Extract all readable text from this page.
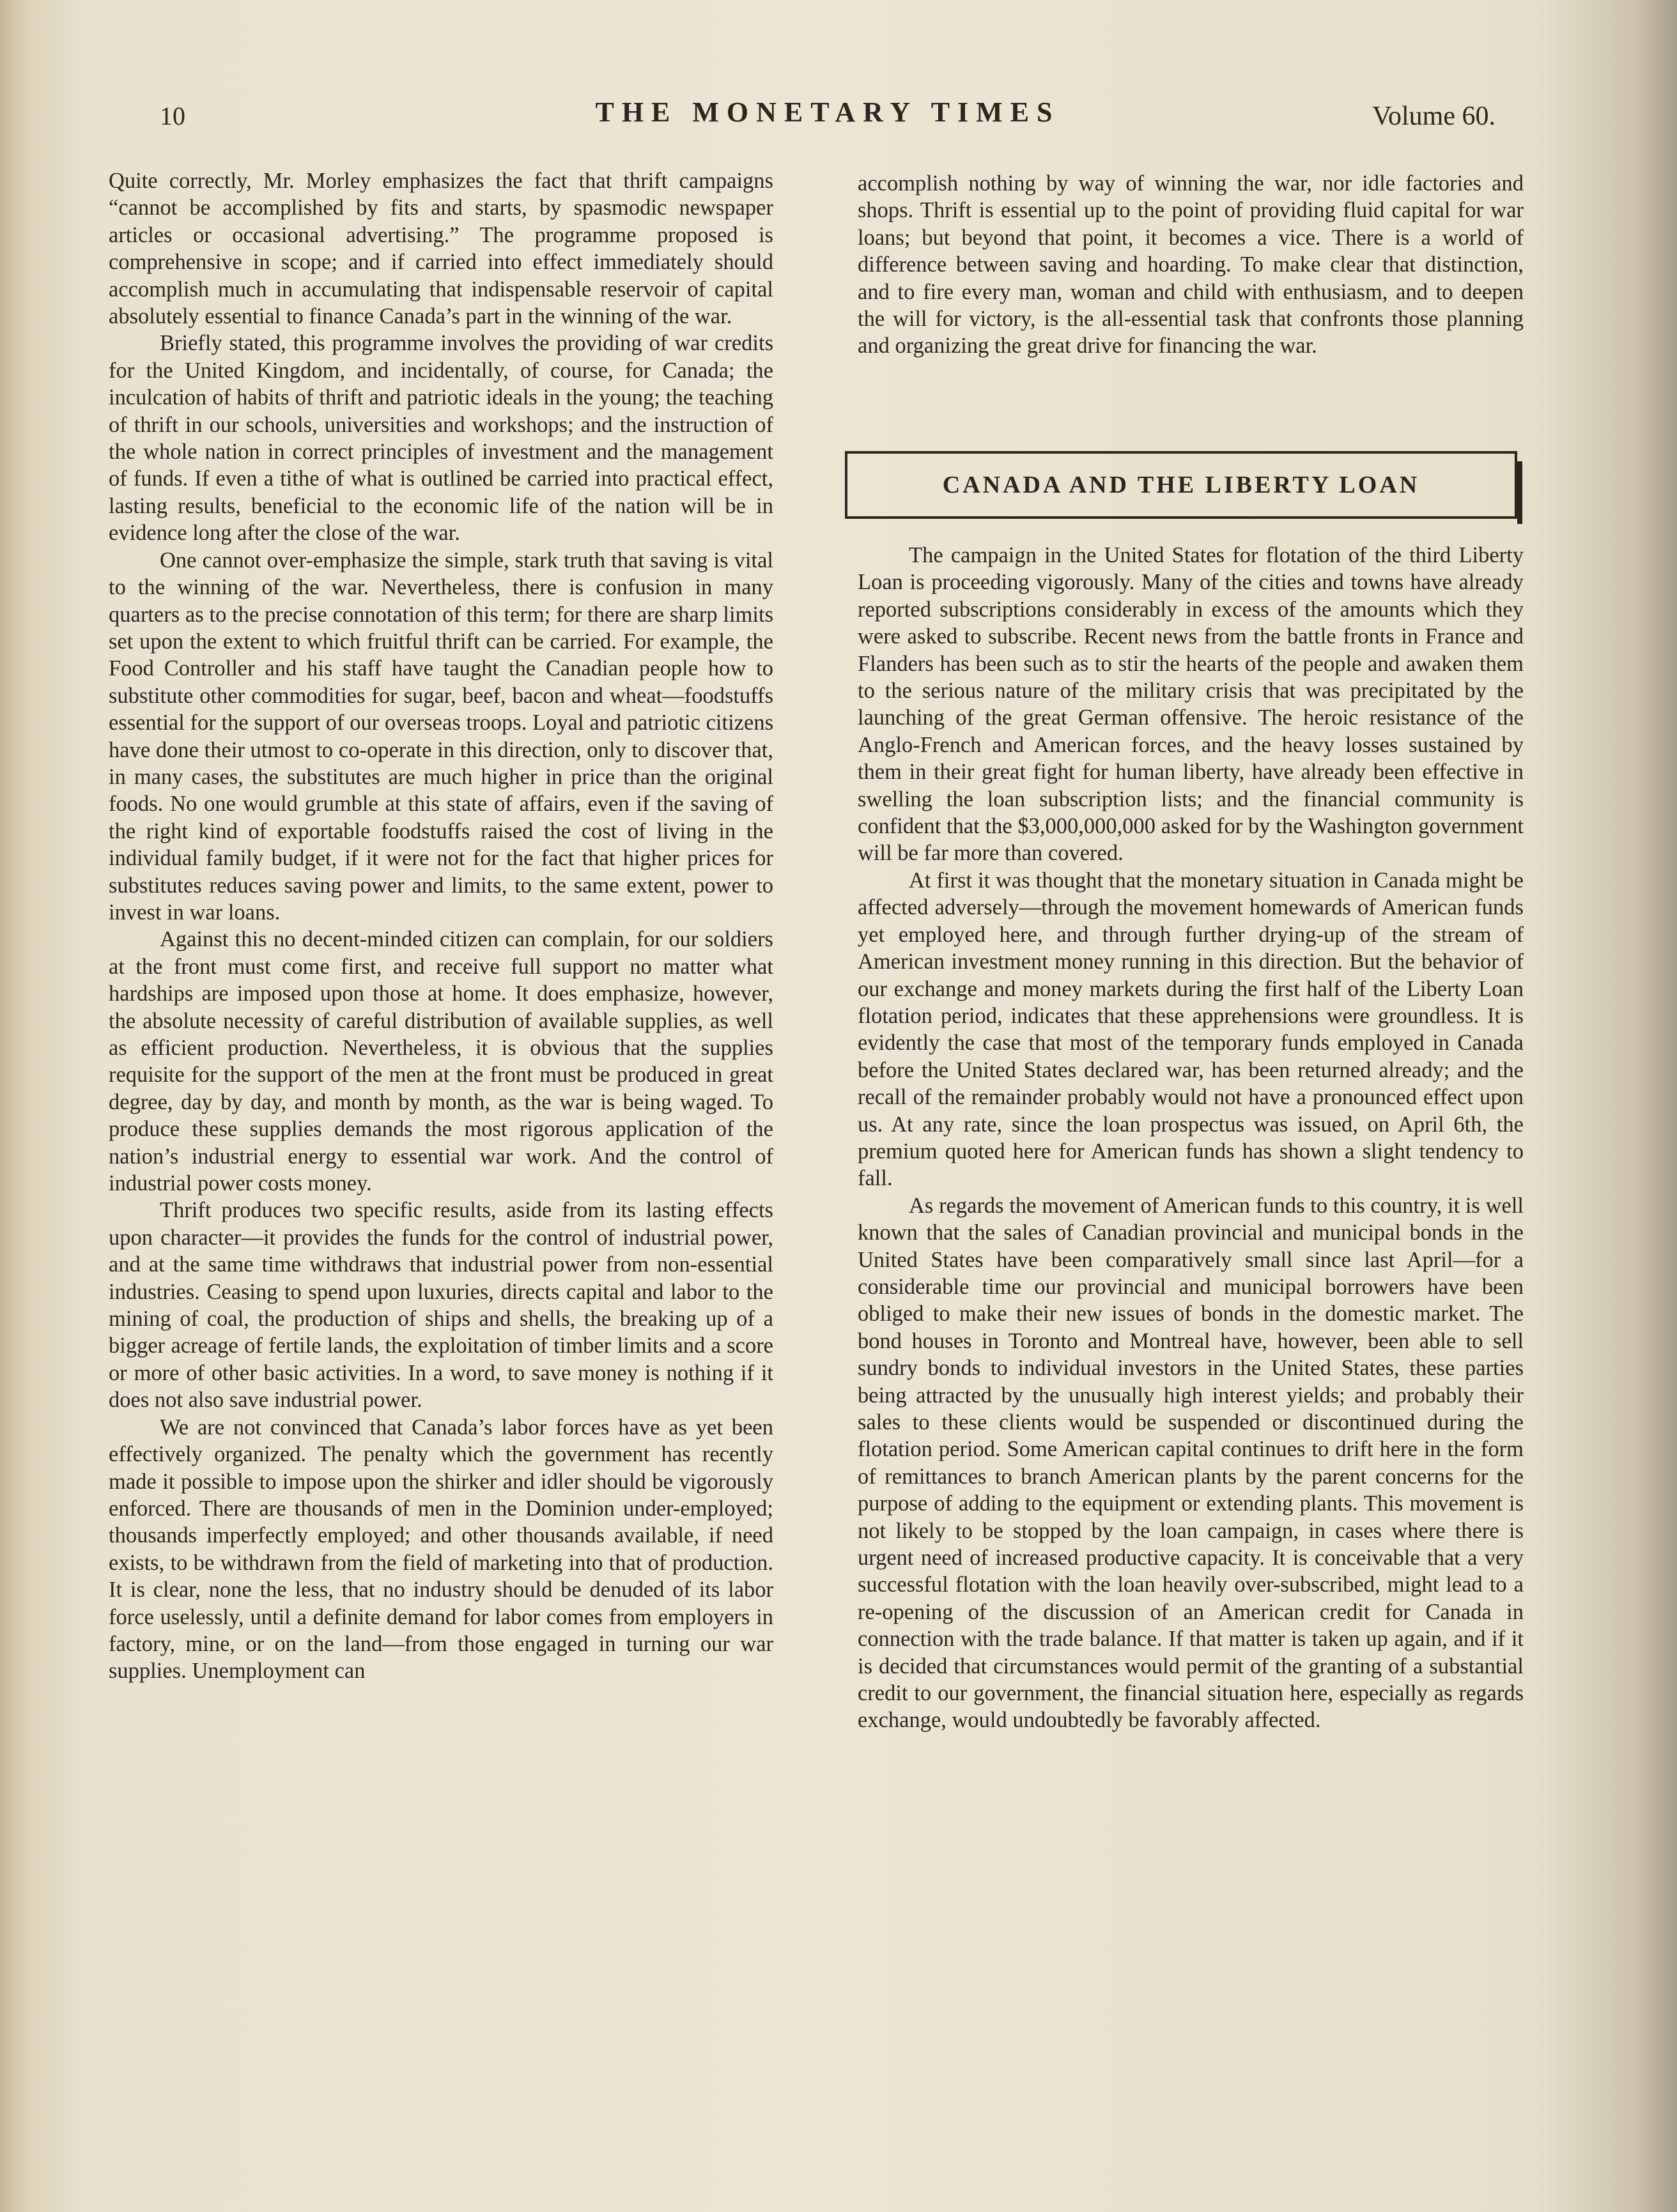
10	THE MONETARY TIMES	Volume 60.

Quite correctly, Mr. Morley emphasizes the fact that thrift campaigns “cannot be accomplished by fits and starts, by spasmodic newspaper articles or occasional advertising.” The programme proposed is comprehensive in scope; and if carried into effect immediately should accomplish much in accumulating that indispensable reservoir of capital absolutely essential to finance Canada’s part in the winning of the war.

Briefly stated, this programme involves the providing of war credits for the United Kingdom, and incidentally, of course, for Canada; the inculcation of habits of thrift and patriotic ideals in the young; the teaching of thrift in our schools, universities and workshops; and the instruction of the whole nation in correct principles of investment and the management of funds. If even a tithe of what is outlined be carried into practical effect, lasting results, beneficial to the economic life of the nation will be in evidence long after the close of the war.

One cannot over-emphasize the simple, stark truth that saving is vital to the winning of the war. Nevertheless, there is confusion in many quarters as to the precise connotation of this term; for there are sharp limits set upon the extent to which fruitful thrift can be carried. For example, the Food Controller and his staff have taught the Canadian people how to substitute other commodities for sugar, beef, bacon and wheat—foodstuffs essential for the support of our overseas troops. Loyal and patriotic citizens have done their utmost to co-operate in this direction, only to discover that, in many cases, the substitutes are much higher in price than the original foods. No one would grumble at this state of affairs, even if the saving of the right kind of exportable foodstuffs raised the cost of living in the individual family budget, if it were not for the fact that higher prices for substitutes reduces saving power and limits, to the same extent, power to invest in war loans.

Against this no decent-minded citizen can complain, for our soldiers at the front must come first, and receive full support no matter what hardships are imposed upon those at home. It does emphasize, however, the absolute necessity of careful distribution of available supplies, as well as efficient production. Nevertheless, it is obvious that the supplies requisite for the support of the men at the front must be produced in great degree, day by day, and month by month, as the war is being waged. To produce these supplies demands the most rigorous application of the nation’s industrial energy to essential war work. And the control of industrial power costs money.

Thrift produces two specific results, aside from its lasting effects upon character—it provides the funds for the control of industrial power, and at the same time withdraws that industrial power from non-essential industries. Ceasing to spend upon luxuries, directs capital and labor to the mining of coal, the production of ships and shells, the breaking up of a bigger acreage of fertile lands, the exploitation of timber limits and a score or more of other basic activities. In a word, to save money is nothing if it does not also save industrial power.

We are not convinced that Canada’s labor forces have as yet been effectively organized. The penalty which the government has recently made it possible to impose upon the shirker and idler should be vigorously enforced. There are thousands of men in the Dominion under-employed; thousands imperfectly employed; and other thousands available, if need exists, to be withdrawn from the field of marketing into that of production. It is clear, none the less, that no industry should be denuded of its labor force uselessly, until a definite demand for labor comes from employers in factory, mine, or on the land—from those engaged in turning our war supplies. Unemployment can

accomplish nothing by way of winning the war, nor idle factories and shops. Thrift is essential up to the point of providing fluid capital for war loans; but beyond that point, it becomes a vice. There is a world of difference between saving and hoarding. To make clear that distinction, and to fire every man, woman and child with enthusiasm, and to deepen the will for victory, is the all-essential task that confronts those planning and organizing the great drive for financing the war.

CANADA AND THE LIBERTY LOAN

The campaign in the United States for flotation of the third Liberty Loan is proceeding vigorously. Many of the cities and towns have already reported subscriptions considerably in excess of the amounts which they were asked to subscribe. Recent news from the battle fronts in France and Flanders has been such as to stir the hearts of the people and awaken them to the serious nature of the military crisis that was precipitated by the launching of the great German offensive. The heroic resistance of the Anglo-French and American forces, and the heavy losses sustained by them in their great fight for human liberty, have already been effective in swelling the loan subscription lists; and the financial community is confident that the $3,000,000,000 asked for by the Washington government will be far more than covered.

At first it was thought that the monetary situation in Canada might be affected adversely—through the movement homewards of American funds yet employed here, and through further drying-up of the stream of American investment money running in this direction. But the behavior of our exchange and money markets during the first half of the Liberty Loan flotation period, indicates that these apprehensions were groundless. It is evidently the case that most of the temporary funds employed in Canada before the United States declared war, has been returned already; and the recall of the remainder probably would not have a pronounced effect upon us. At any rate, since the loan prospectus was issued, on April 6th, the premium quoted here for American funds has shown a slight tendency to fall.

As regards the movement of American funds to this country, it is well known that the sales of Canadian provincial and municipal bonds in the United States have been comparatively small since last April—for a considerable time our provincial and municipal borrowers have been obliged to make their new issues of bonds in the domestic market. The bond houses in Toronto and Montreal have, however, been able to sell sundry bonds to individual investors in the United States, these parties being attracted by the unusually high interest yields; and probably their sales to these clients would be suspended or discontinued during the flotation period. Some American capital continues to drift here in the form of remittances to branch American plants by the parent concerns for the purpose of adding to the equipment or extending plants. This movement is not likely to be stopped by the loan campaign, in cases where there is urgent need of increased productive capacity. It is conceivable that a very successful flotation with the loan heavily over-subscribed, might lead to a re-opening of the discussion of an American credit for Canada in connection with the trade balance. If that matter is taken up again, and if it is decided that circumstances would permit of the granting of a substantial credit to our government, the financial situation here, especially as regards exchange, would undoubtedly be favorably affected.
